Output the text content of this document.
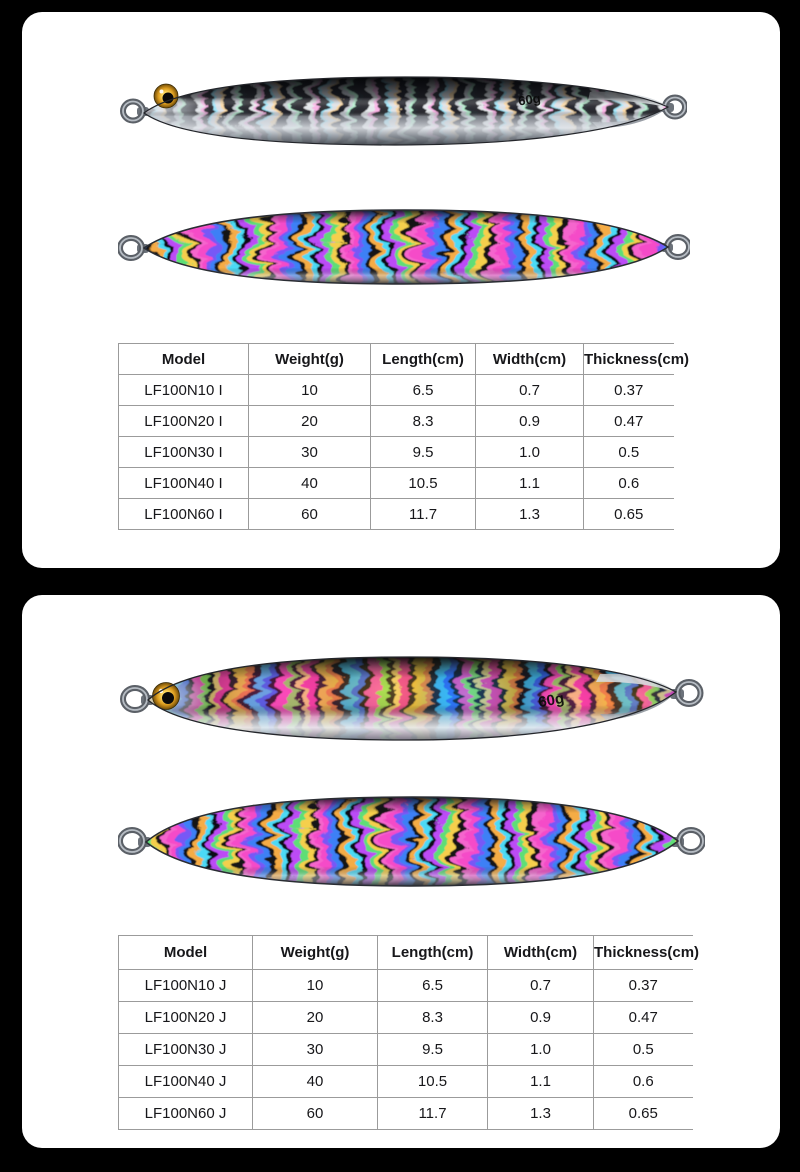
60g
Model	Weight(g)	Length(cm)	Width(cm)	Thickness(cm)
LF100N10 I	10	6.5	0.7	0.37
LF100N20 I	20	8.3	0.9	0.47
LF100N30 I	30	9.5	1.0	0.5
LF100N40 I	40	10.5	1.1	0.6
LF100N60 I	60	11.7	1.3	0.65
60g
Model	Weight(g)	Length(cm)	Width(cm)	Thickness(cm)
LF100N10 J	10	6.5	0.7	0.37
LF100N20 J	20	8.3	0.9	0.47
LF100N30 J	30	9.5	1.0	0.5
LF100N40 J	40	10.5	1.1	0.6
LF100N60 J	60	11.7	1.3	0.65
